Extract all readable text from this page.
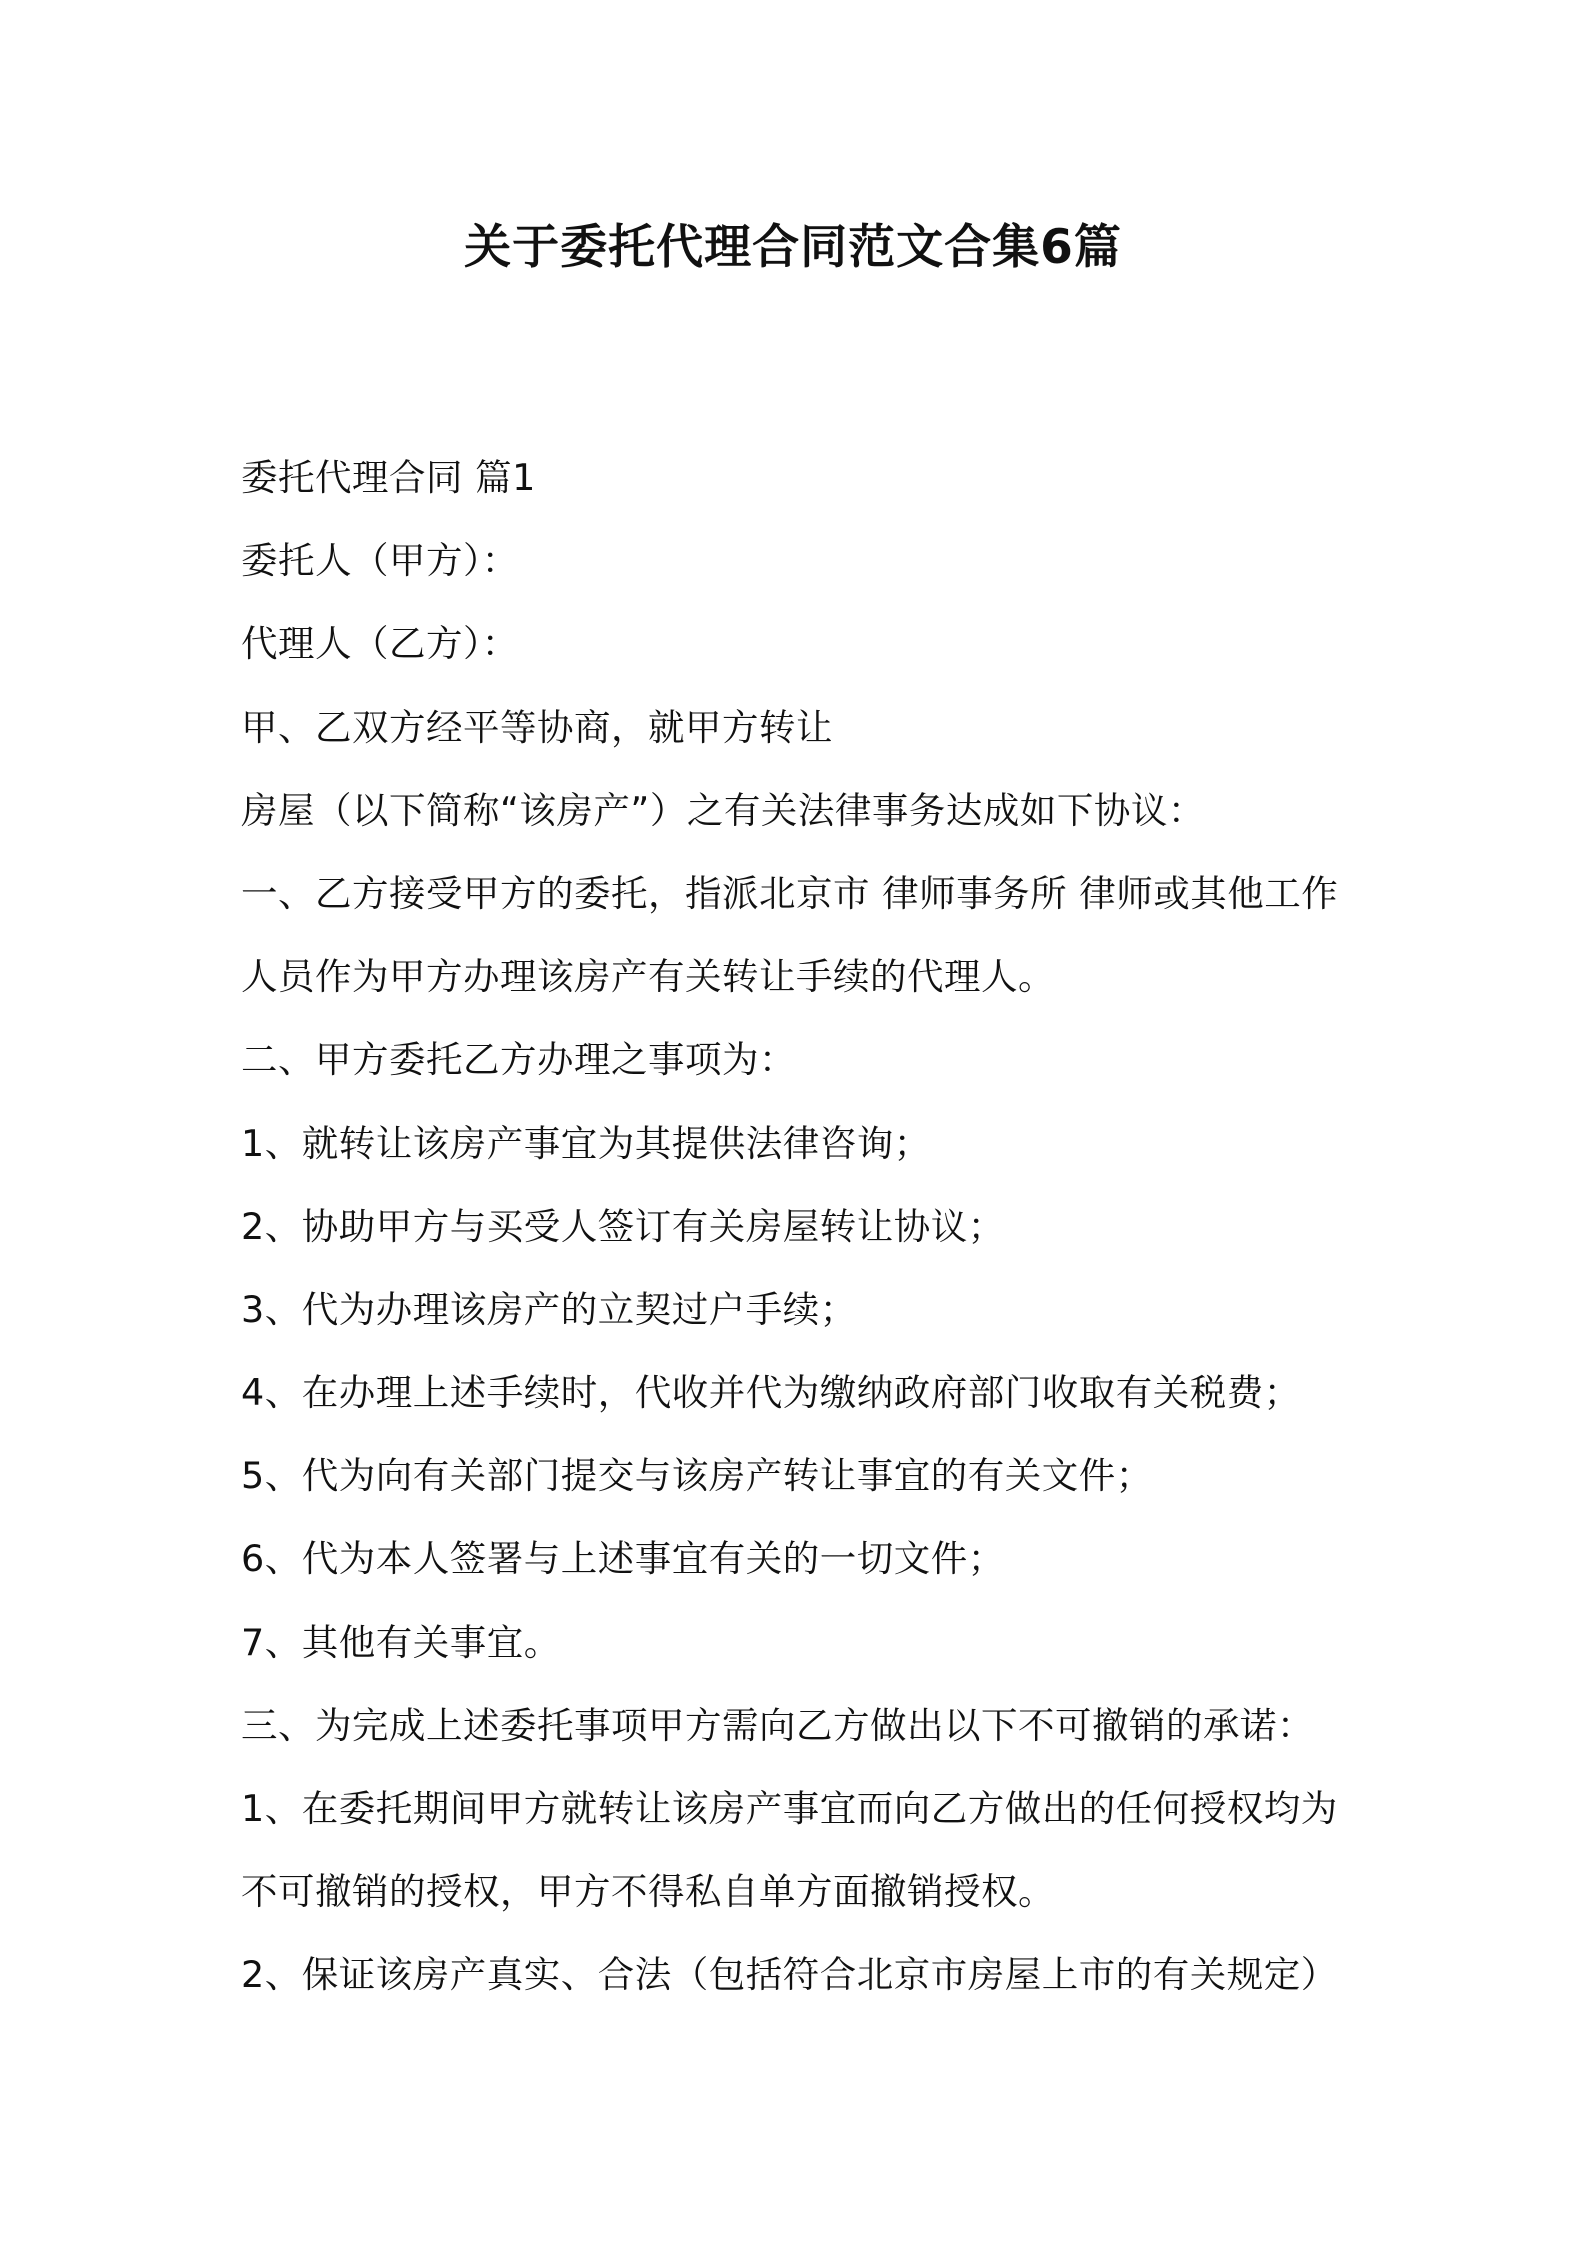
关于委托代理合同范文合集6篇
委托代理合同 篇1
委托人（甲方）：
代理人（乙方）：
甲、乙双方经平等协商，就甲方转让
房屋（以下简称“该房产”）之有关法律事务达成如下协议：
一、乙方接受甲方的委托，指派北京市 律师事务所 律师或其他工作
人员作为甲方办理该房产有关转让手续的代理人。
二、甲方委托乙方办理之事项为：
1、就转让该房产事宜为其提供法律咨询；
2、协助甲方与买受人签订有关房屋转让协议；
3、代为办理该房产的立契过户手续；
4、在办理上述手续时，代收并代为缴纳政府部门收取有关税费；
5、代为向有关部门提交与该房产转让事宜的有关文件；
6、代为本人签署与上述事宜有关的一切文件；
7、其他有关事宜。
三、为完成上述委托事项甲方需向乙方做出以下不可撤销的承诺：
1、在委托期间甲方就转让该房产事宜而向乙方做出的任何授权均为
不可撤销的授权，甲方不得私自单方面撤销授权。
2、保证该房产真实、合法（包括符合北京市房屋上市的有关规定）
